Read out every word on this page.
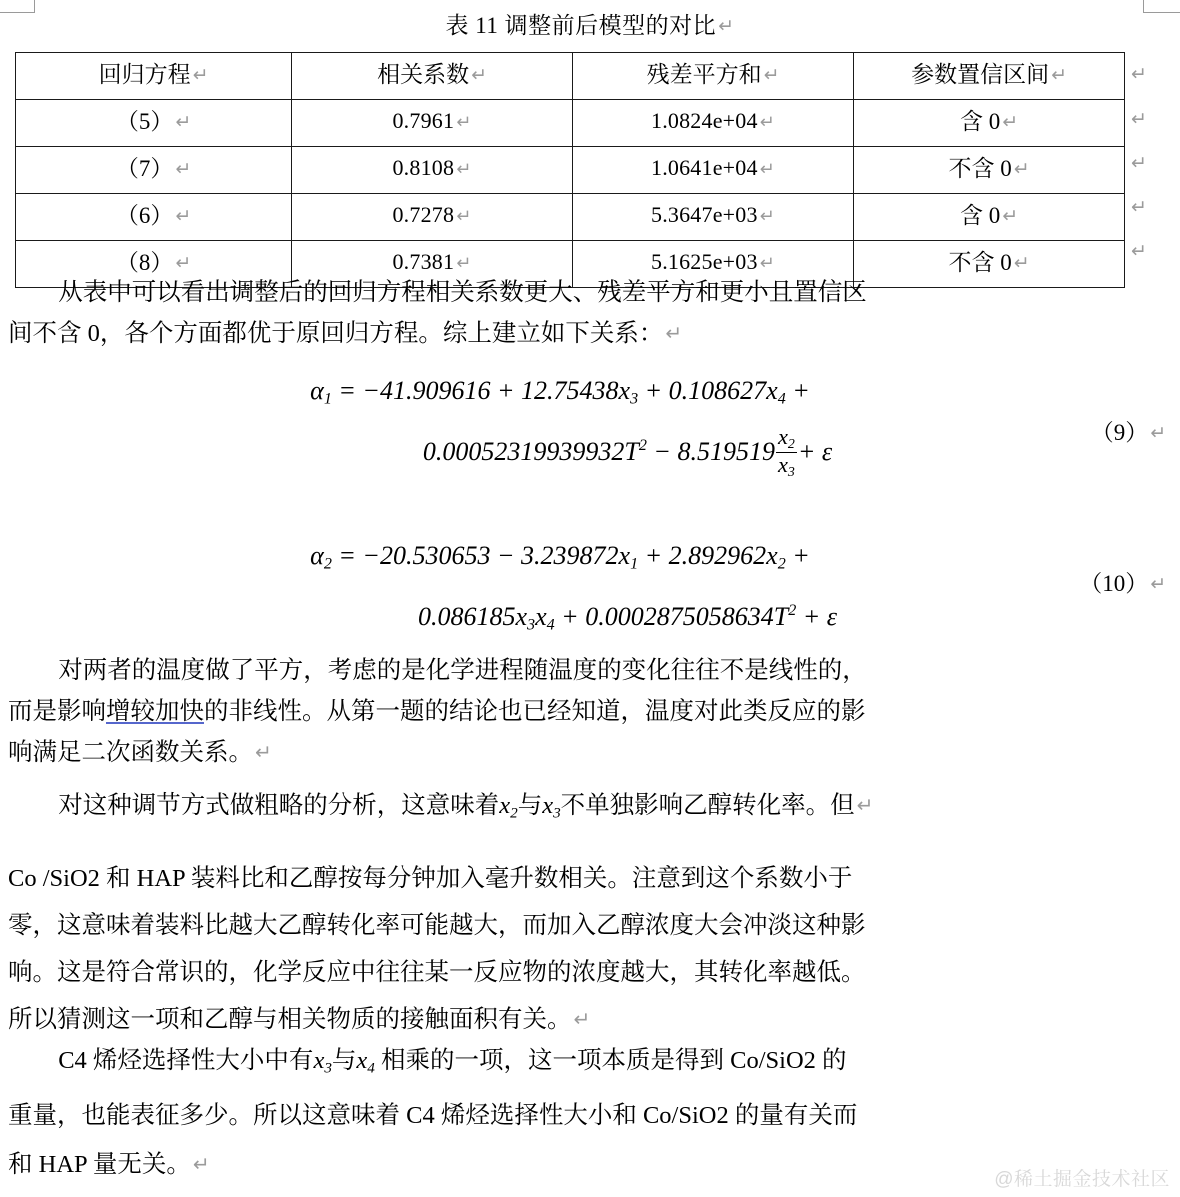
表 11 调整前后模型的对比 ↵
回归方程 ↵	相关系数 ↵	残差平方和 ↵	参数置信区间 ↵
（5） ↵	0.7961 ↵	1.0824e+04 ↵	含 0 ↵
（7） ↵	0.8108 ↵	1.0641e+04 ↵	不含 0 ↵
（6） ↵	0.7278 ↵	5.3647e+03 ↵	含 0 ↵
（8） ↵	0.7381 ↵	5.1625e+03 ↵	不含 0 ↵
↵
↵
↵
↵
↵
从表中可以看出调整后的回归方程相关系数更大、残差平方和更小且置信区
间不含 0，各个方面都优于原回归方程。综上建立如下关系：↵
$\alpha_1 = -41.909616 + 12.75438x_3 + 0.108627x_4$ +
$0.00052319939932T^2 - 8.519519 \frac{x_2}{x_3} + \varepsilon$
（9） ↵
$\alpha_2 = -20.530653 - 3.239872x_1 + 2.892962x_2$ +
$0.086185x_3x_4 + 0.0002875058634T^2 + \varepsilon$
（10） ↵
对两者的温度做了平方，考虑的是化学进程随温度的变化往往不是线性的，
而是影响增较加快的非线性。从第一题的结论也已经知道，温度对此类反应的影
响满足二次函数关系。↵
对这种调节方式做粗略的分析，这意味着$x_2$与$x_3$不单独影响乙醇转化率。但↵
Co /SiO2 和 HAP 装料比和乙醇按每分钟加入毫升数相关。注意到这个系数小于
零，这意味着装料比越大乙醇转化率可能越大，而加入乙醇浓度大会冲淡这种影
响。这是符合常识的，化学反应中往往某一反应物的浓度越大，其转化率越低。
所以猜测这一项和乙醇与相关物质的接触面积有关。↵
C4 烯烃选择性大小中有$x_3$与$x_4$ 相乘的一项，这一项本质是得到 Co/SiO2 的
重量，也能表征多少。所以这意味着 C4 烯烃选择性大小和 Co/SiO2 的量有关而
和 HAP 量无关。↵
@稀土掘金技术社区
